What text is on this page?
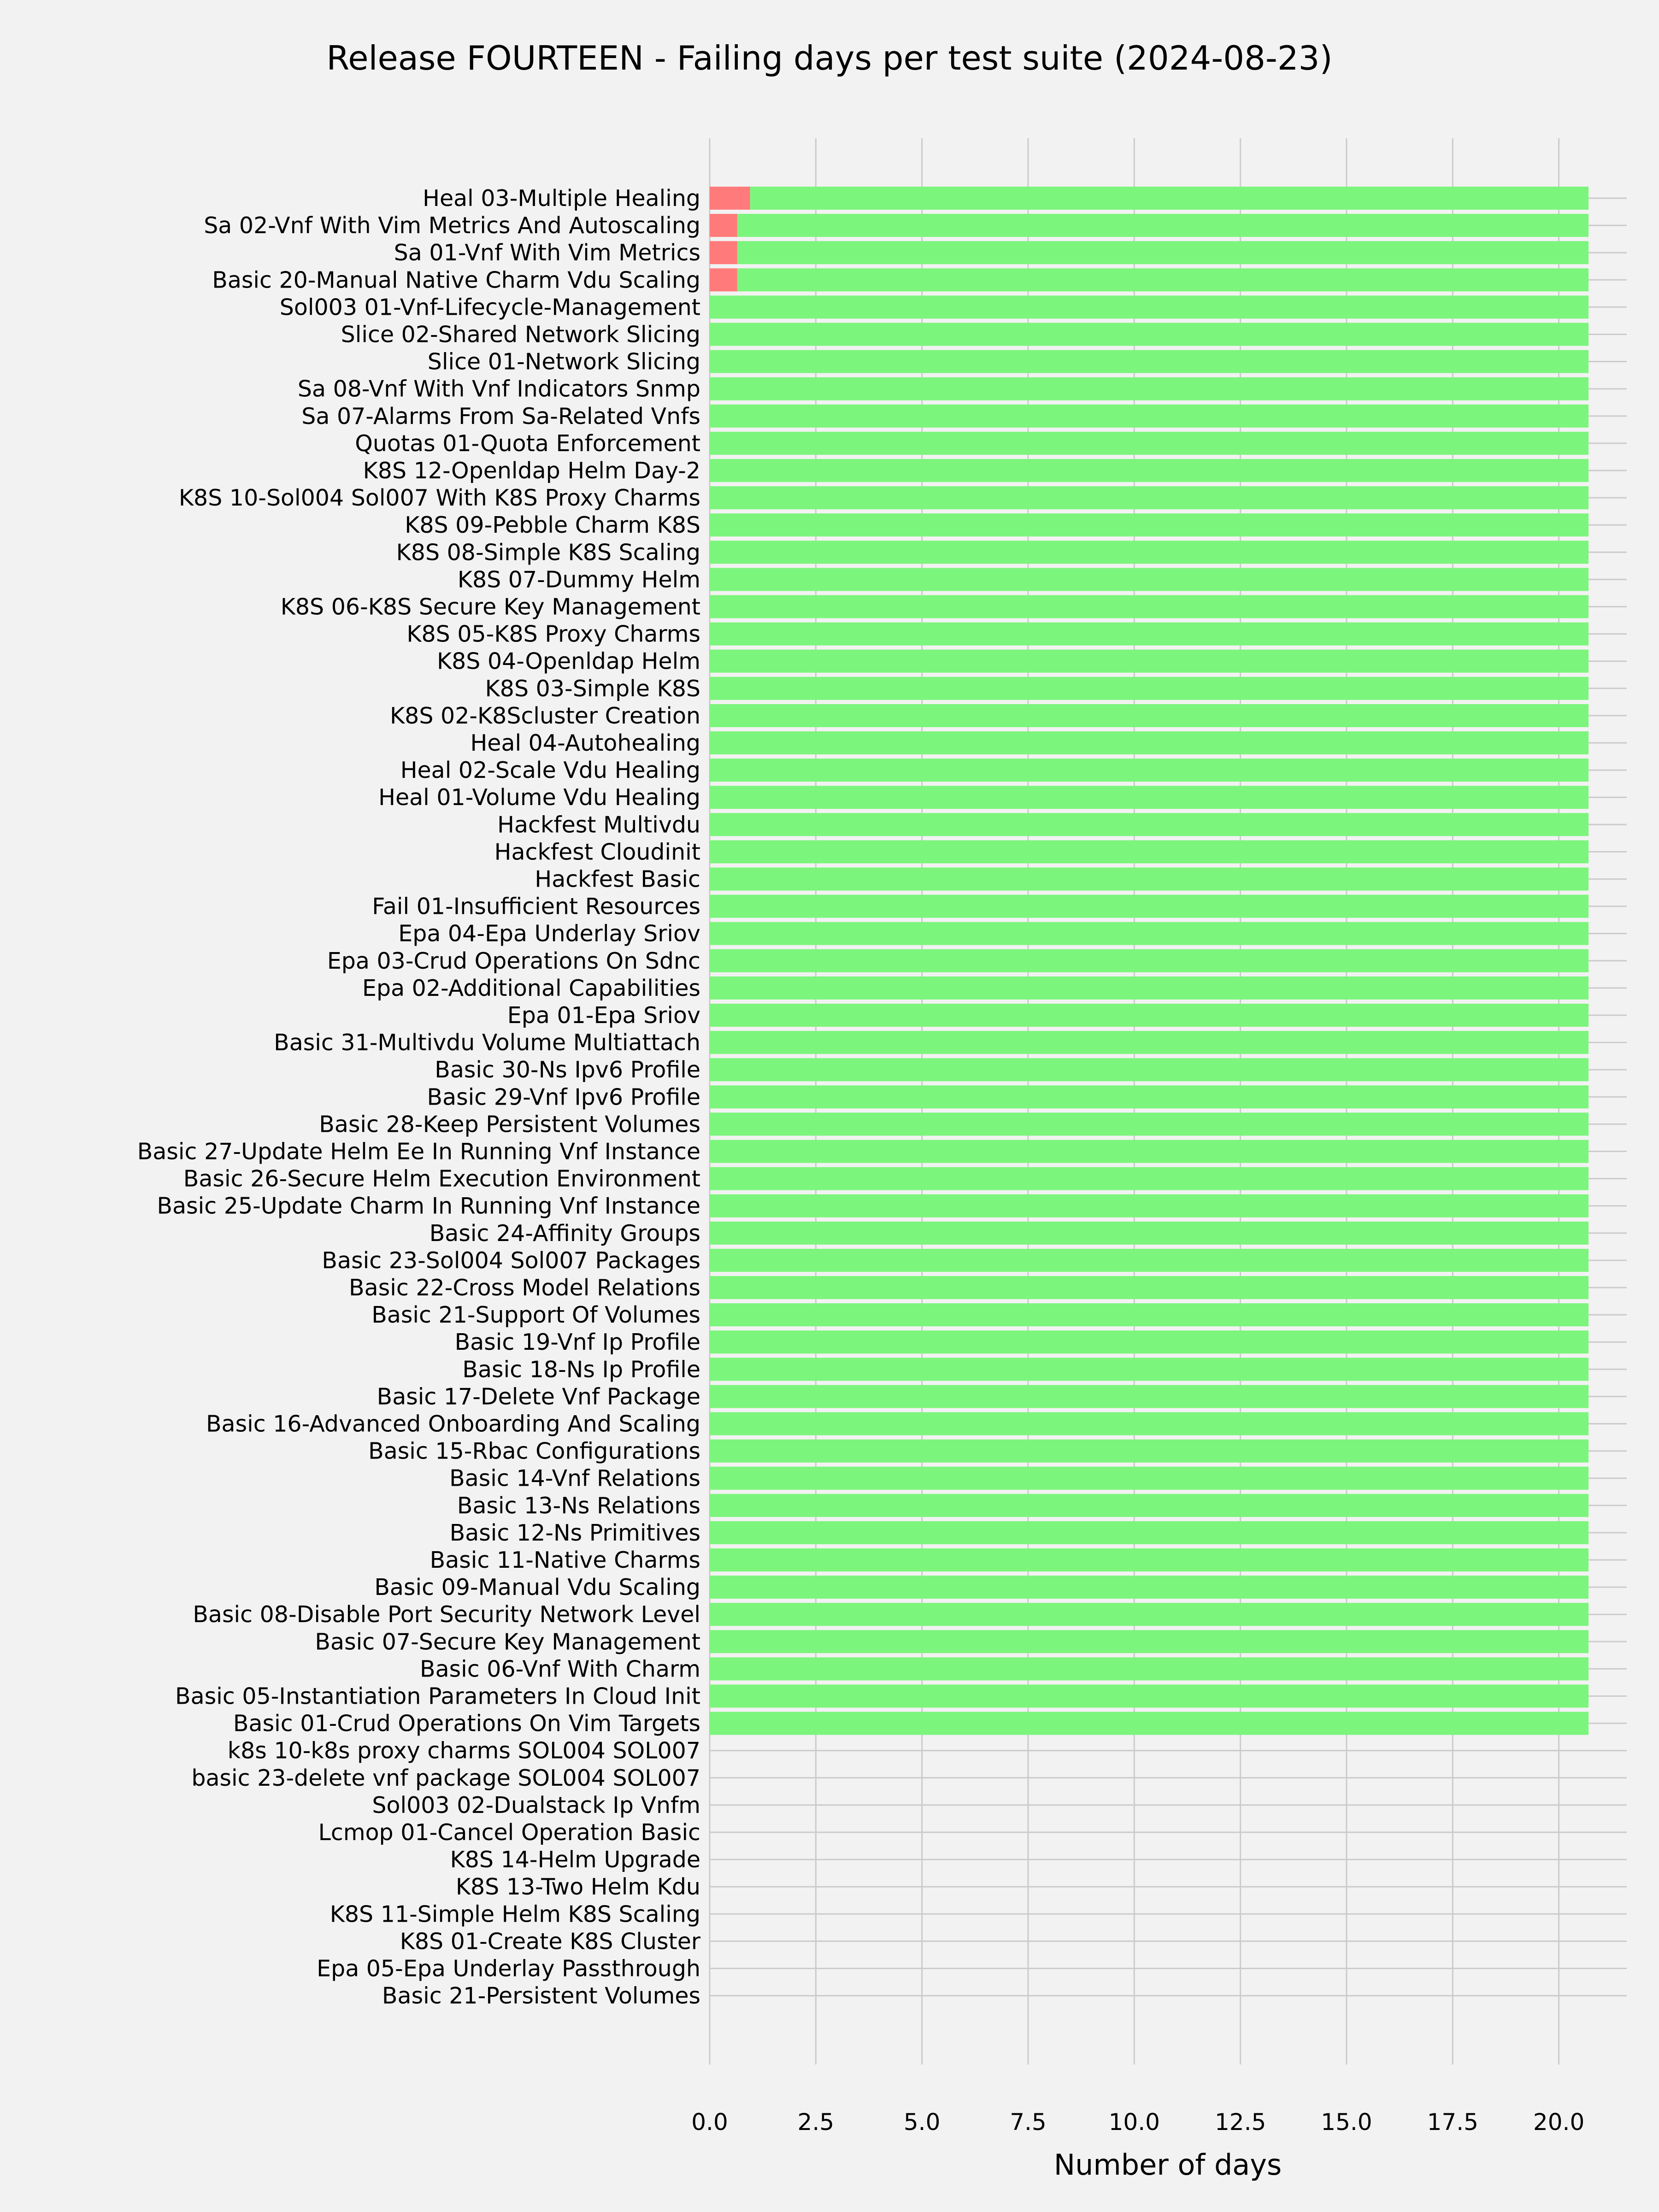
Heal 03-Multiple Healing
Sa 02-Vnf With Vim Metrics And Autoscaling
Sa 01-Vnf With Vim Metrics
Basic 20-Manual Native Charm Vdu Scaling
Sol003 01-Vnf-Lifecycle-Management
Slice 02-Shared Network Slicing
Slice 01-Network Slicing
Sa 08-Vnf With Vnf Indicators Snmp
Sa 07-Alarms From Sa-Related Vnfs
Quotas 01-Quota Enforcement
K8S 12-Openldap Helm Day-2
K8S 10-Sol004 Sol007 With K8S Proxy Charms
K8S 09-Pebble Charm K8S
K8S 08-Simple K8S Scaling
K8S 07-Dummy Helm
K8S 06-K8S Secure Key Management
K8S 05-K8S Proxy Charms
K8S 04-Openldap Helm
K8S 03-Simple K8S
K8S 02-K8Scluster Creation
Heal 04-Autohealing
Heal 02-Scale Vdu Healing
Heal 01-Volume Vdu Healing
Hackfest Multivdu
Hackfest Cloudinit
Hackfest Basic
Fail 01-Insufficient Resources
Epa 04-Epa Underlay Sriov
Epa 03-Crud Operations On Sdnc
Epa 02-Additional Capabilities
Epa 01-Epa Sriov
Basic 31-Multivdu Volume Multiattach
Basic 30-Ns Ipv6 Profile
Basic 29-Vnf Ipv6 Profile
Basic 28-Keep Persistent Volumes
Basic 27-Update Helm Ee In Running Vnf Instance
Basic 26-Secure Helm Execution Environment
Basic 25-Update Charm In Running Vnf Instance
Basic 24-Affinity Groups
Basic 23-Sol004 Sol007 Packages
Basic 22-Cross Model Relations
Basic 21-Support Of Volumes
Basic 19-Vnf Ip Profile
Basic 18-Ns Ip Profile
Basic 17-Delete Vnf Package
Basic 16-Advanced Onboarding And Scaling
Basic 15-Rbac Configurations
Basic 14-Vnf Relations
Basic 13-Ns Relations
Basic 12-Ns Primitives
Basic 11-Native Charms
Basic 09-Manual Vdu Scaling
Basic 08-Disable Port Security Network Level
Basic 07-Secure Key Management
Basic 06-Vnf With Charm
Basic 05-Instantiation Parameters In Cloud Init
Basic 01-Crud Operations On Vim Targets
k8s 10-k8s proxy charms SOL004 SOL007
basic 23-delete vnf package SOL004 SOL007
Sol003 02-Dualstack Ip Vnfm
Lcmop 01-Cancel Operation Basic
K8S 14-Helm Upgrade
K8S 13-Two Helm Kdu
K8S 11-Simple Helm K8S Scaling
K8S 01-Create K8S Cluster
Epa 05-Epa Underlay Passthrough
Basic 21-Persistent Volumes
0.0	2.5	5.0	7.5	10.0 12.5 15.0 17.5 20.0
Release FOURTEEN - Failing days per test suite (2024-08-23)
Number of days
